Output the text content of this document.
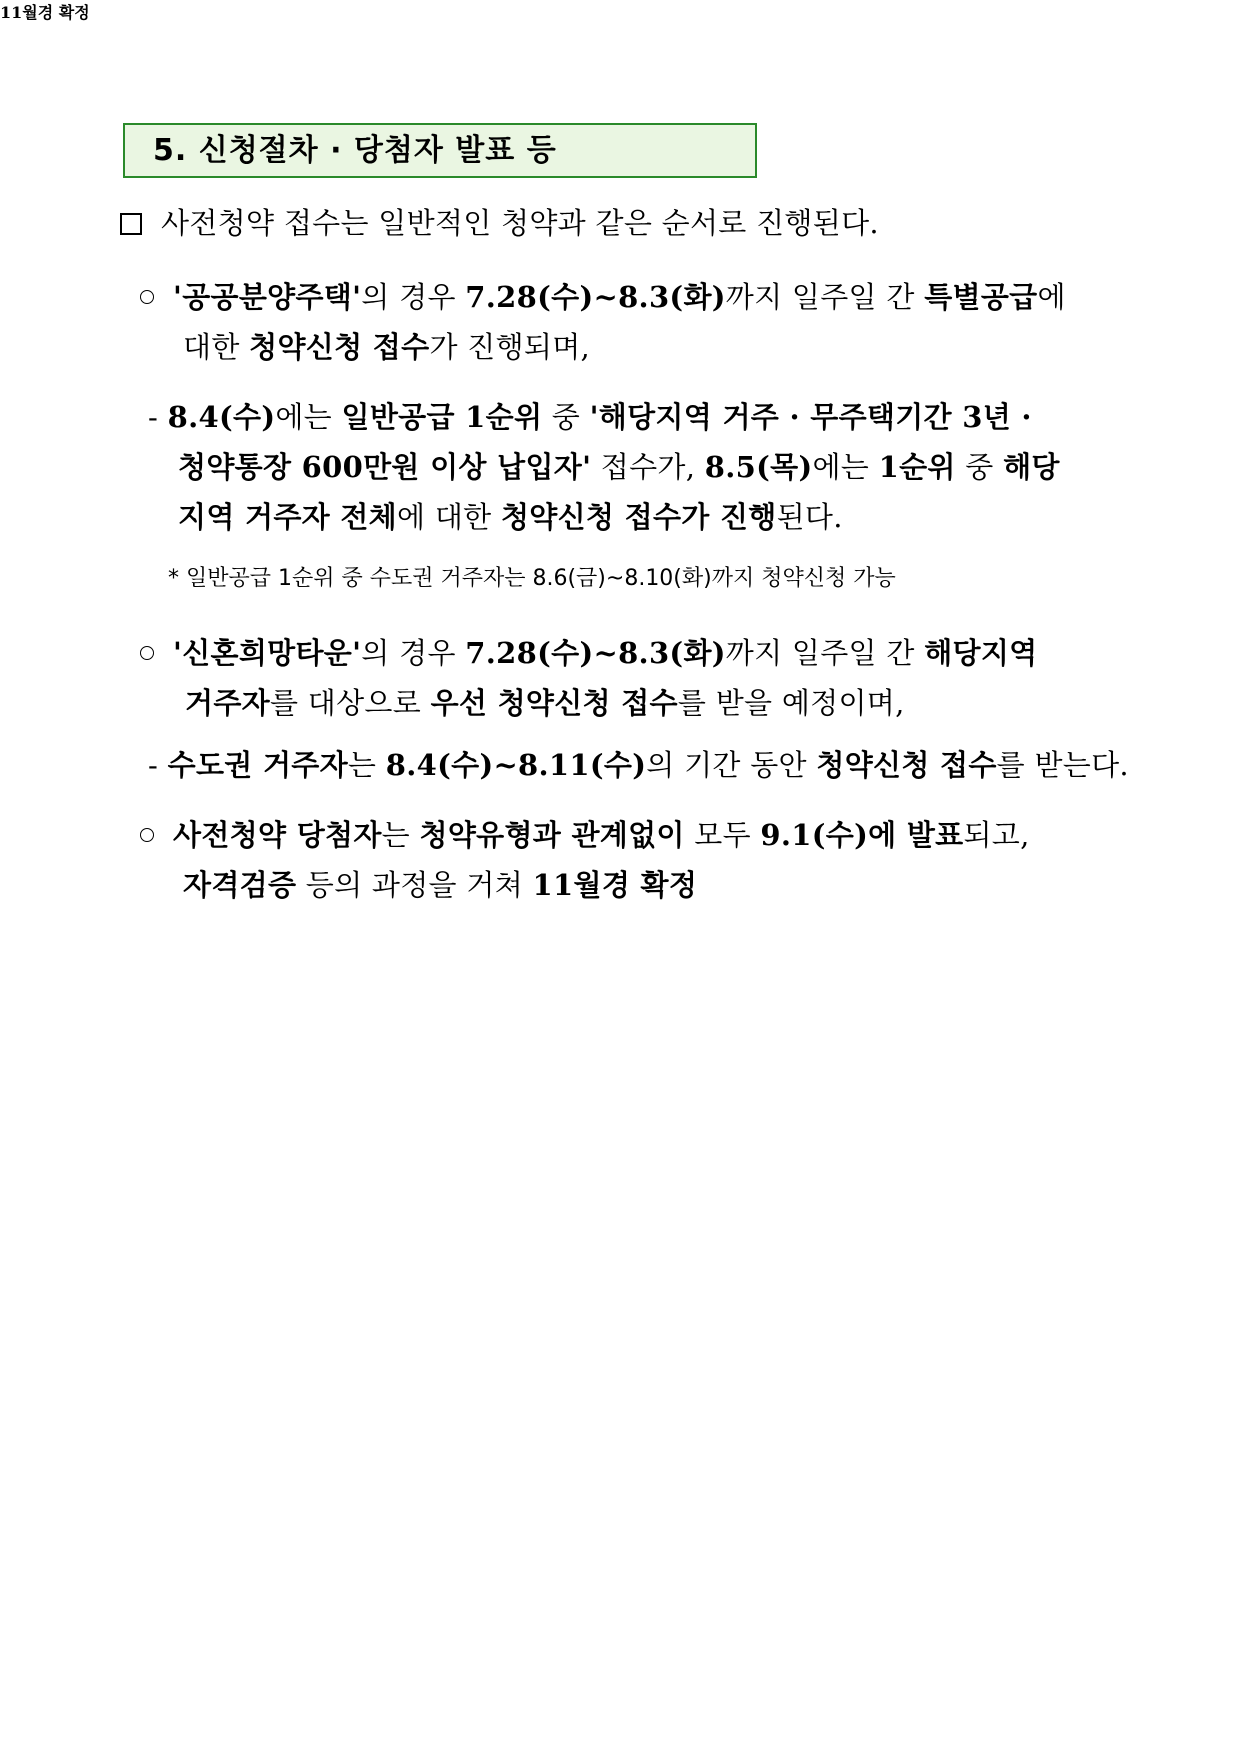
5. 신청절차 · 당첨자 발표 등
사전청약 접수는 일반적인 청약과 같은 순서로 진행된다.
'공공분양주택'의 경우 7.28(수)~8.3(화)까지 일주일 간 특별공급에
대한 청약신청 접수가 진행되며,
- 8.4(수)에는 일반공급 1순위 중 '해당지역 거주 · 무주택기간 3년 ·
청약통장 600만원 이상 납입자' 접수가, 8.5(목)에는 1순위 중 해당
지역 거주자 전체에 대한 청약신청 접수가 진행된다.
* 일반공급 1순위 중 수도권 거주자는 8.6(금)~8.10(화)까지 청약신청 가능
'신혼희망타운'의 경우 7.28(수)~8.3(화)까지 일주일 간 해당지역
거주자를 대상으로 우선 청약신청 접수를 받을 예정이며,
- 수도권 거주자는 8.4(수)~8.11(수)의 기간 동안 청약신청 접수를 받는다.
사전청약 당첨자는 청약유형과 관계없이 모두 9.1(수)에 발표되고,
자격검증 등의 과정을 거쳐 11월경 확정
11월경 확정
